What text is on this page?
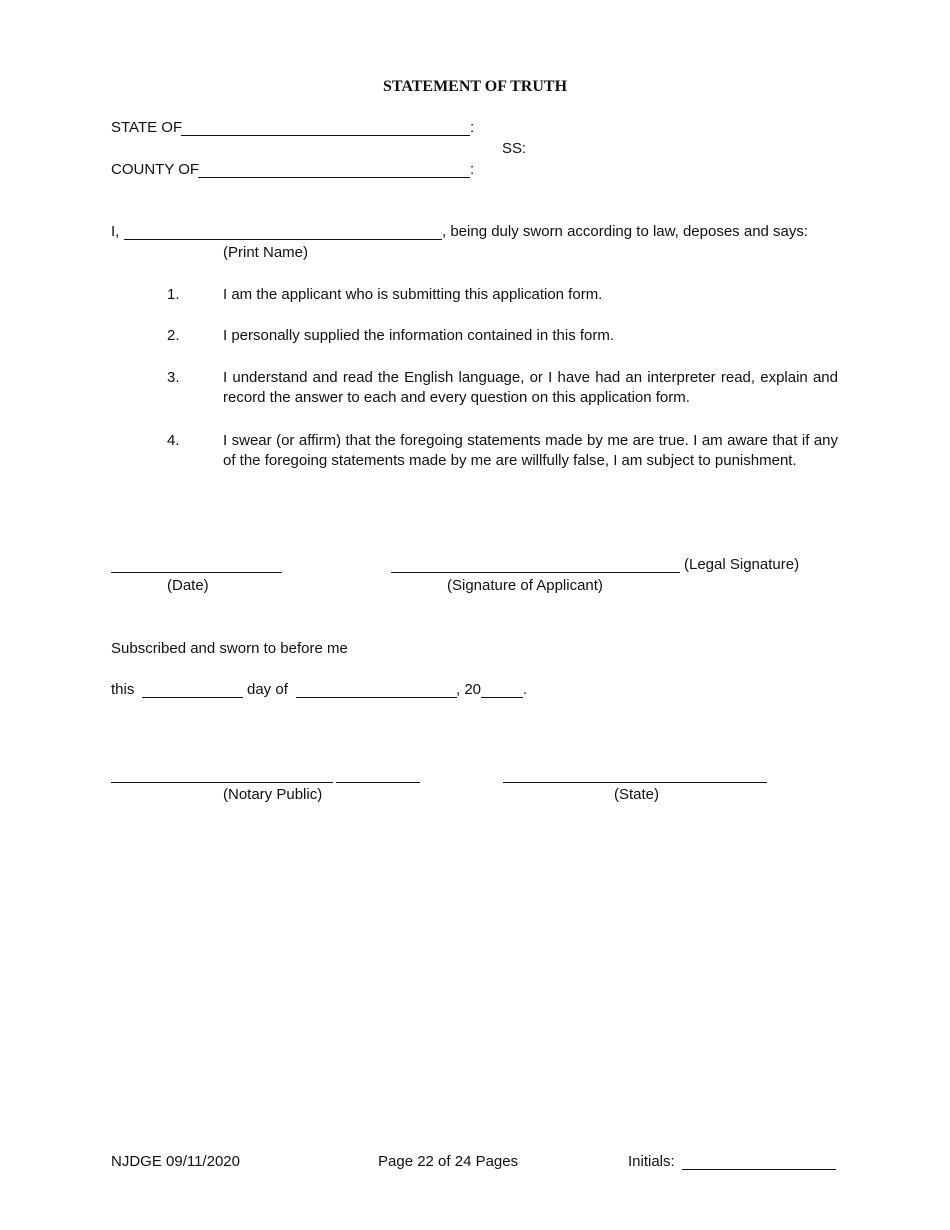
STATEMENT OF TRUTH
STATE OF	:
SS:
COUNTY OF	:
I,	, being duly sworn according to law, deposes and says:
(Print Name)
1.	I am the applicant who is submitting this application form.
2.	I personally supplied the information contained in this form.
3.	I understand and read the English language, or I have had an interpreter read, explain and record the answer to each and every question on this application form.
4.	I swear (or affirm) that the foregoing statements made by me are true. I am aware that if any of the foregoing statements made by me are willfully false, I am subject to punishment.
(Legal Signature)
(Date)	(Signature of Applicant)
Subscribed and sworn to before me
this	day of	, 20	.
(Notary Public)	(State)
NJDGE 09/11/2020	Page 22 of 24 Pages	Initials:
